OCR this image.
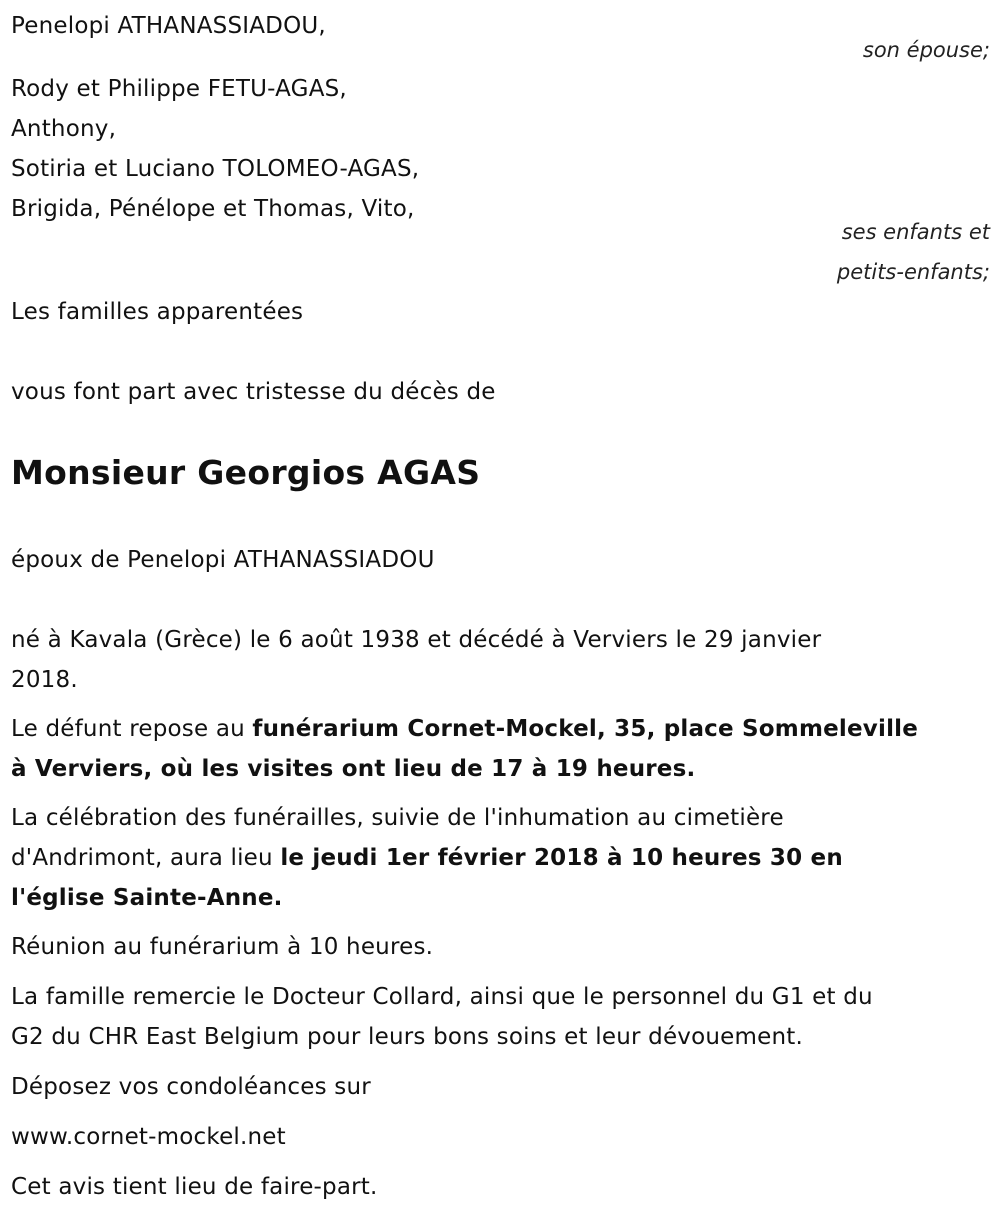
Penelopi ATHANASSIADOU,
son épouse;
Rody et Philippe FETU-AGAS,
Anthony,
Sotiria et Luciano TOLOMEO-AGAS,
Brigida, Pénélope et Thomas, Vito,
ses enfants et
petits-enfants;
Les familles apparentées
vous font part avec tristesse du décès de
Monsieur Georgios AGAS
époux de Penelopi ATHANASSIADOU
né à Kavala (Grèce) le 6 août 1938 et décédé à Verviers le 29 janvier
2018.
Le défunt repose au funérarium Cornet-Mockel, 35, place Sommeleville
à Verviers, où les visites ont lieu de 17 à 19 heures.
La célébration des funérailles, suivie de l'inhumation au cimetière
d'Andrimont, aura lieu le jeudi 1er février 2018 à 10 heures 30 en
l'église Sainte-Anne.
Réunion au funérarium à 10 heures.
La famille remercie le Docteur Collard, ainsi que le personnel du G1 et du
G2 du CHR East Belgium pour leurs bons soins et leur dévouement.
Déposez vos condoléances sur
www.cornet-mockel.net
Cet avis tient lieu de faire-part.
